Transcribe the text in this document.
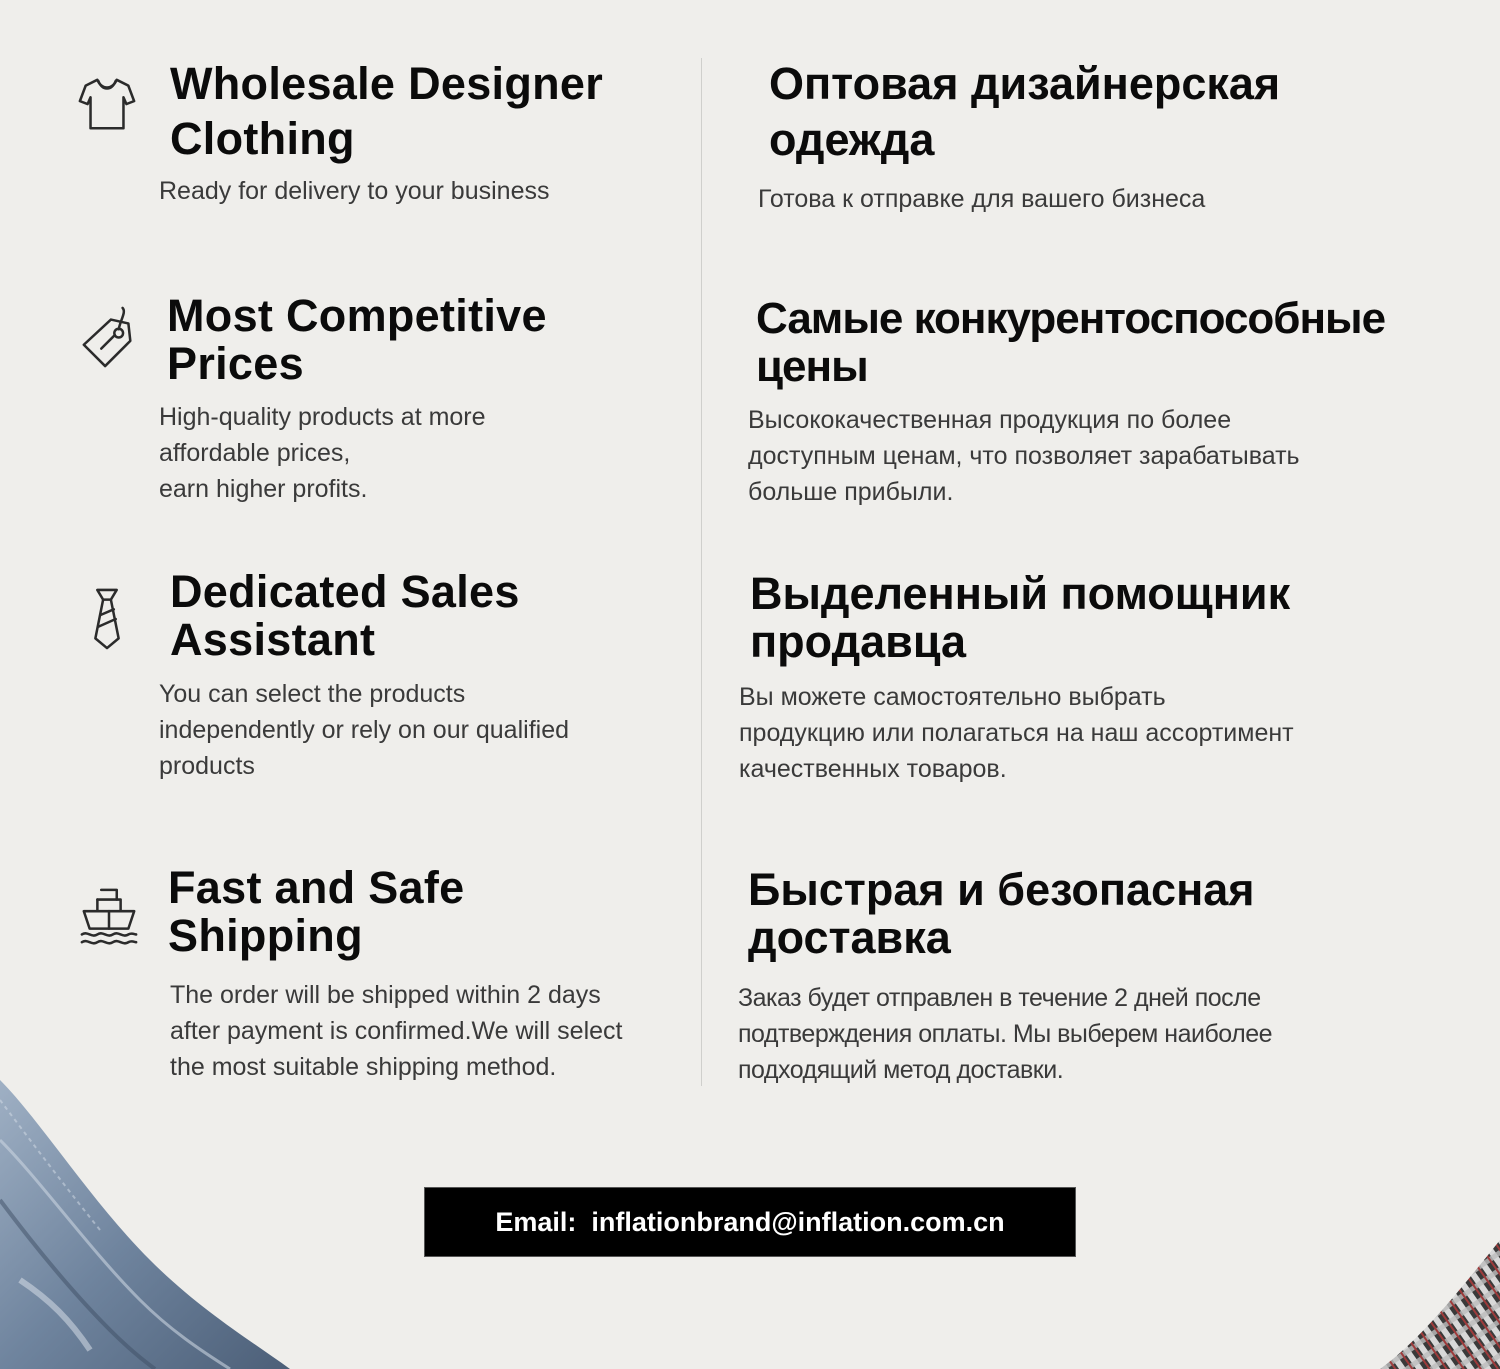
Wholesale Designer Clothing

Ready for delivery to your business

Оптовая дизайнерская одежда

Готова к отправке для вашего бизнеса

Most Competitive Prices

High-quality products at more
affordable prices,
earn higher profits.

Самые конкурентоспособные цены

Высококачественная продукция по более
доступным ценам, что позволяет зарабатывать
больше прибыли.

Dedicated Sales Assistant

You can select the products
independently or rely on our qualified
products

Выделенный помощник продавца

Вы можете самостоятельно выбрать
продукцию или полагаться на наш ассортимент
качественных товаров.

Fast and Safe Shipping

The order will be shipped within 2 days
after payment is confirmed.We will select
the most suitable shipping method.

Быстрая и безопасная доставка

Заказ будет отправлен в течение 2 дней после
подтверждения оплаты. Мы выберем наиболее
подходящий метод доставки.

Email:  inflationbrand@inflation.com.cn
